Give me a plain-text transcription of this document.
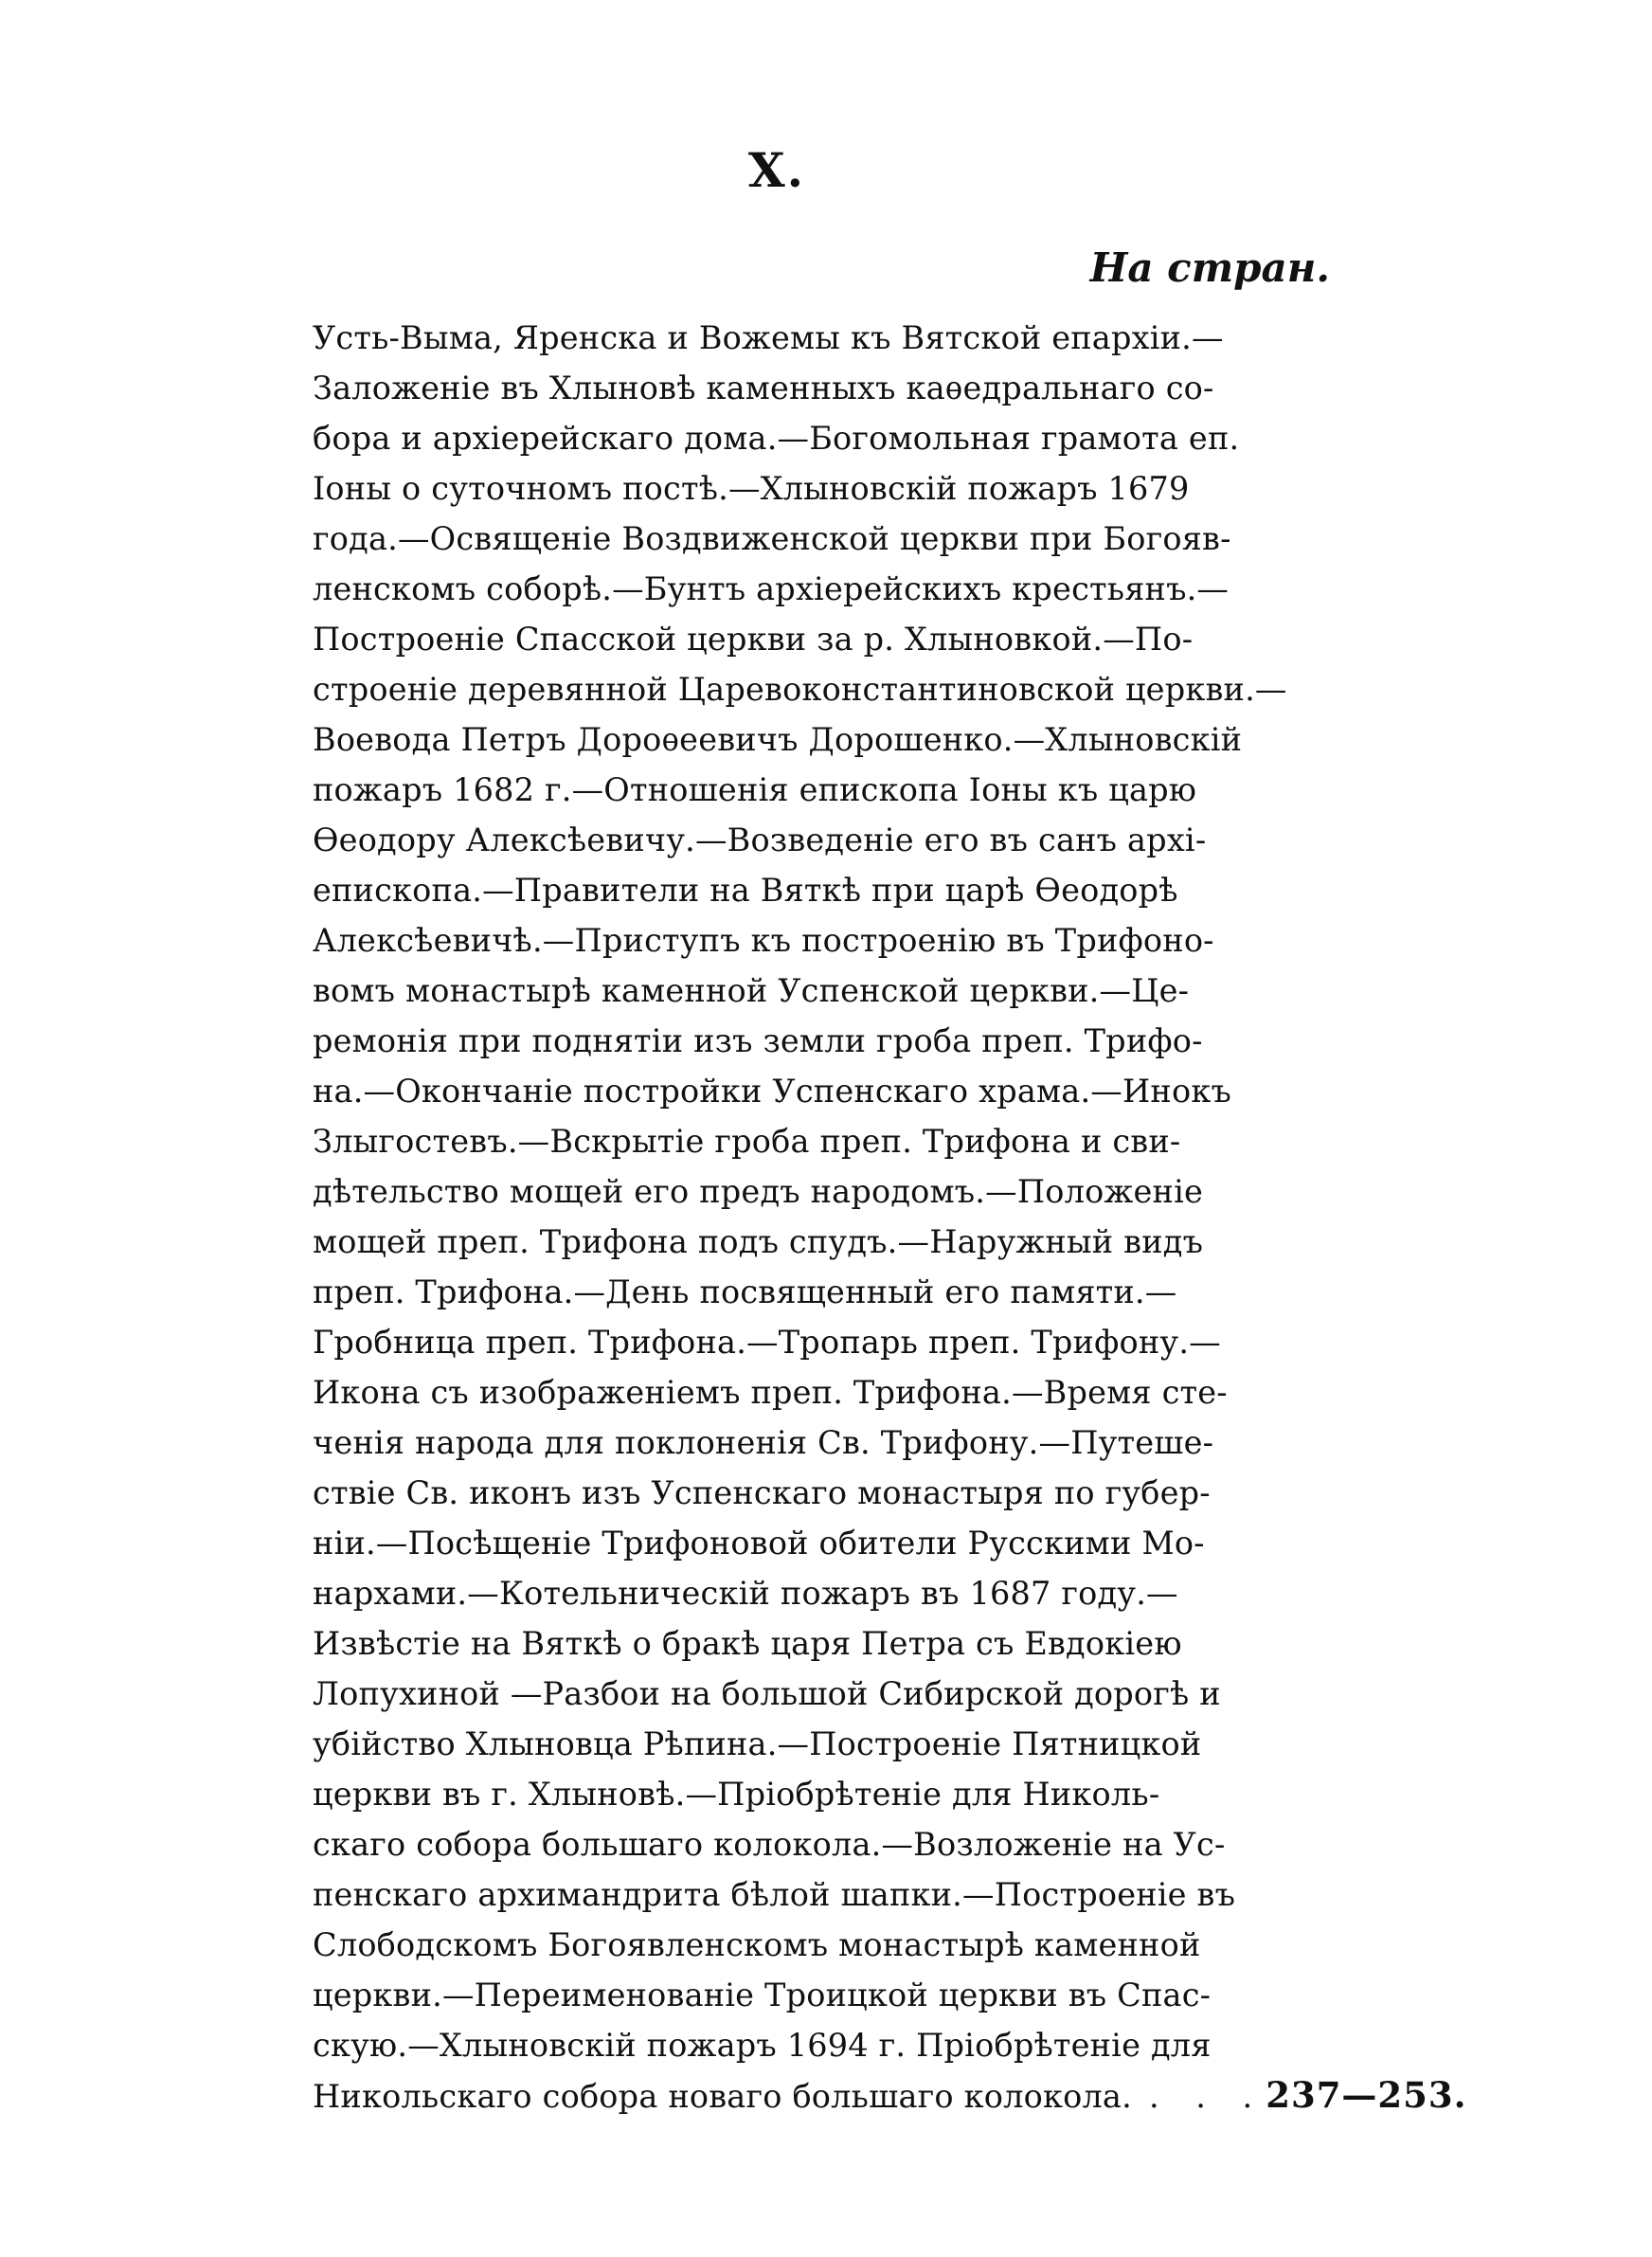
X.
На стран.
Усть-Выма, Яренска и Вожемы къ Вятской епархіи.—
Заложеніе въ Хлыновѣ каменныхъ каѳедральнаго со-
бора и архіерейскаго дома.—Богомольная грамота еп.
Іоны о суточномъ постѣ.—Хлыновскій пожаръ 1679
года.—Освященіе Воздвиженской церкви при Богояв-
ленскомъ соборѣ.—Бунтъ архіерейскихъ крестьянъ.—
Построеніе Спасской церкви за р. Хлыновкой.—По-
строеніе деревянной Царевоконстантиновской церкви.—
Воевода Петръ Дороѳеевичъ Дорошенко.—Хлыновскій
пожаръ 1682 г.—Отношенія епископа Іоны къ царю
Ѳеодору Алексѣевичу.—Возведеніе его въ санъ архі-
епископа.—Правители на Вяткѣ при царѣ Ѳеодорѣ
Алексѣевичѣ.—Приступъ къ построенію въ Трифоно-
вомъ монастырѣ каменной Успенской церкви.—Це-
ремонія при поднятіи изъ земли гроба преп. Трифо-
на.—Окончаніе постройки Успенскаго храма.—Инокъ
Злыгостевъ.—Вскрытіе гроба преп. Трифона и сви-
дѣтельство мощей его предъ народомъ.—Положеніе
мощей преп. Трифона подъ спудъ.—Наружный видъ
преп. Трифона.—День посвященный его памяти.—
Гробница преп. Трифона.—Тропарь преп. Трифону.—
Икона съ изображеніемъ преп. Трифона.—Время сте-
ченія народа для поклоненія Св. Трифону.—Путеше-
ствіе Св. иконъ изъ Успенскаго монастыря по губер-
ніи.—Посѣщеніе Трифоновой обители Русскими Мо-
нархами.—Котельническій пожаръ въ 1687 году.—
Извѣстіе на Вяткѣ о бракѣ царя Петра съ Евдокіею
Лопухиной —Разбои на большой Сибирской дорогѣ и
убійство Хлыновца Рѣпина.—Построеніе Пятницкой
церкви въ г. Хлыновѣ.—Пріобрѣтеніе для Николь-
скаго собора большаго колокола.—Возложеніе на Ус-
пенскаго архимандрита бѣлой шапки.—Построеніе въ
Слободскомъ Богоявленскомъ монастырѣ каменной
церкви.—Переименованіе Троицкой церкви въ Спас-
скую.—Хлыновскій пожаръ 1694 г. Пріобрѣтеніе для
Никольскаго собора новаго большаго колокола. . . . 237—253.
